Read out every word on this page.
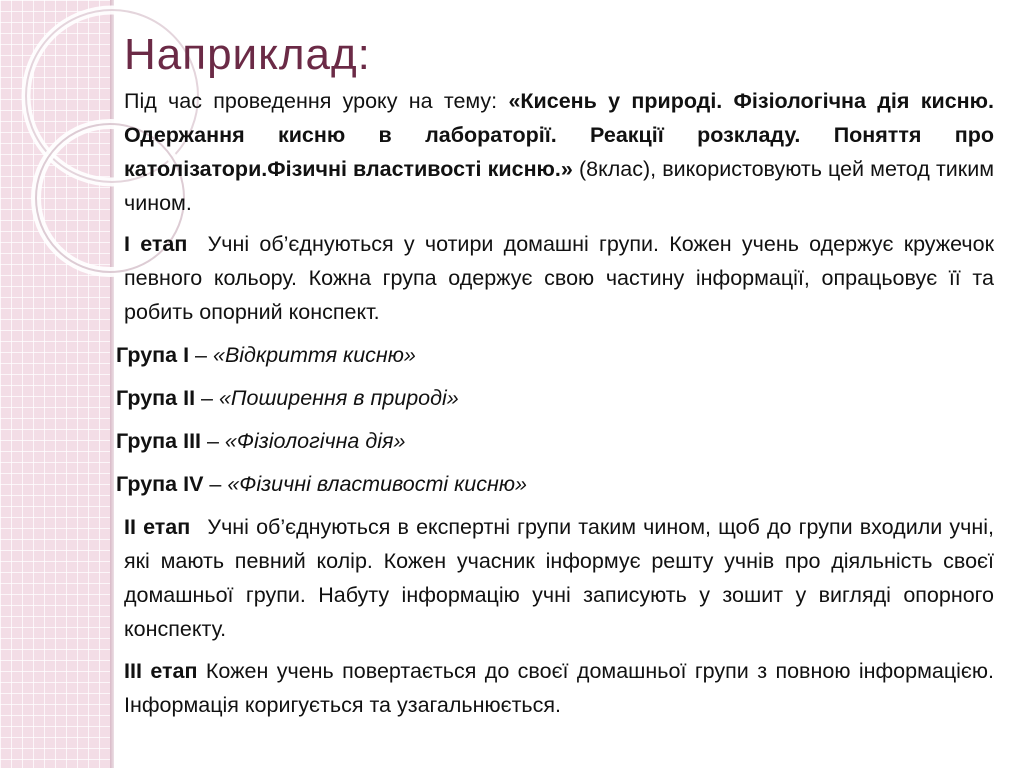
Наприклад:

Під час проведення уроку на тему: «Кисень у природі. Фізіологічна дія кисню. Одержання кисню в лабораторії. Реакції розкладу. Поняття про католізатори.Фізичні властивості кисню.» (8клас), використовують цей метод тиким чином.

І етап Учні об’єднуються у чотири домашні групи. Кожен учень одержує кружечок певного кольору. Кожна група одержує свою частину інформації, опрацьовує її та робить опорний конспект.

Група І – «Відкриття кисню»

Група ІІ – «Поширення в природі»

Група ІІІ – «Фізіологічна дія»

Група ІV – «Фізичні властивості кисню»

ІІ етап Учні об’єднуються в експертні групи таким чином, щоб до групи входили учні, які мають певний колір. Кожен учасник інформує решту учнів про діяльність своєї домашньої групи. Набуту інформацію учні записують у зошит у вигляді опорного конспекту.

ІІІ етап Кожен учень повертається до своєї домашньої групи з повною інформацією. Інформація коригується та узагальнюється.
